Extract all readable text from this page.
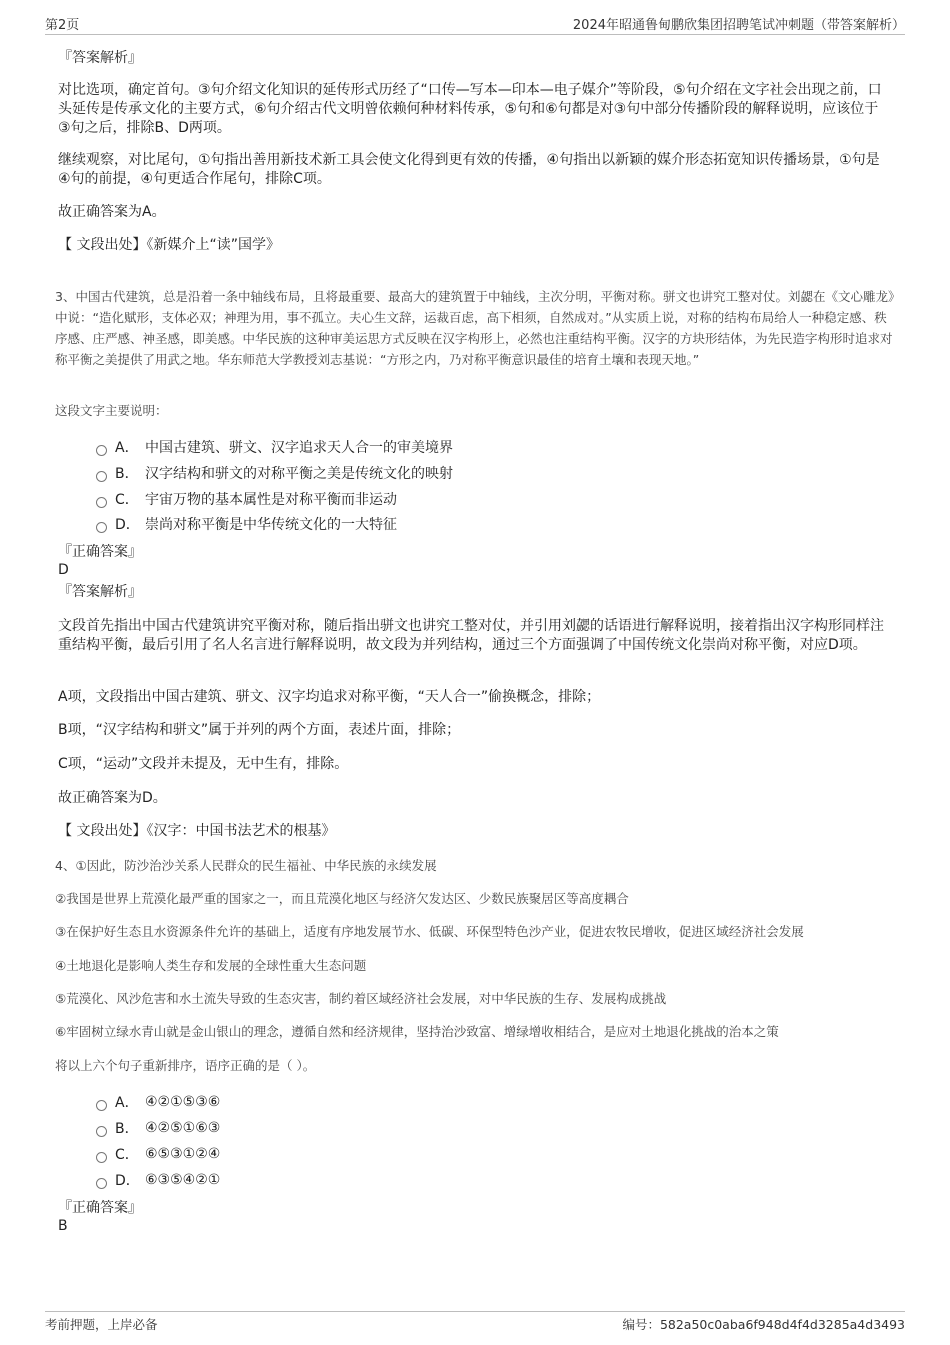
第2页	2024年昭通鲁甸鹏欣集团招聘笔试冲刺题（带答案解析）
『答案解析』
对比选项，确定首句。③句介绍文化知识的延传形式历经了“口传—写本—印本—电子媒介”等阶段，⑤句介绍在文字社会出现之前，口头延传是传承文化的主要方式，⑥句介绍古代文明曾依赖何种材料传承，⑤句和⑥句都是对③句中部分传播阶段的解释说明，应该位于③句之后，排除B、D两项。
继续观察，对比尾句，①句指出善用新技术新工具会使文化得到更有效的传播，④句指出以新颖的媒介形态拓宽知识传播场景，①句是④句的前提，④句更适合作尾句，排除C项。
故正确答案为A。
【 文段出处】《新媒介上“读”国学》
3、中国古代建筑，总是沿着一条中轴线布局，且将最重要、最高大的建筑置于中轴线，主次分明，平衡对称。骈文也讲究工整对仗。刘勰在《文心雕龙》中说：“造化赋形，支体必双；神理为用，事不孤立。夫心生文辞，运裁百虑，高下相须，自然成对。”从实质上说，对称的结构布局给人一种稳定感、秩序感、庄严感、神圣感，即美感。中华民族的这种审美运思方式反映在汉字构形上，必然也注重结构平衡。汉字的方块形结体，为先民造字构形时追求对称平衡之美提供了用武之地。华东师范大学教授刘志基说：“方形之内，乃对称平衡意识最佳的培育土壤和表现天地。”
这段文字主要说明：
A． 中国古建筑、骈文、汉字追求天人合一的审美境界
B． 汉字结构和骈文的对称平衡之美是传统文化的映射
C． 宇宙万物的基本属性是对称平衡而非运动
D． 崇尚对称平衡是中华传统文化的一大特征
『正确答案』
D
『答案解析』
文段首先指出中国古代建筑讲究平衡对称，随后指出骈文也讲究工整对仗，并引用刘勰的话语进行解释说明，接着指出汉字构形同样注重结构平衡，最后引用了名人名言进行解释说明，故文段为并列结构，通过三个方面强调了中国传统文化崇尚对称平衡，对应D项。
A项，文段指出中国古建筑、骈文、汉字均追求对称平衡，“天人合一”偷换概念，排除；
B项，“汉字结构和骈文”属于并列的两个方面，表述片面，排除；
C项，“运动”文段并未提及，无中生有，排除。
故正确答案为D。
【 文段出处】《汉字：中国书法艺术的根基》
4、①因此，防沙治沙关系人民群众的民生福祉、中华民族的永续发展
②我国是世界上荒漠化最严重的国家之一，而且荒漠化地区与经济欠发达区、少数民族聚居区等高度耦合
③在保护好生态且水资源条件允许的基础上，适度有序地发展节水、低碳、环保型特色沙产业，促进农牧民增收，促进区域经济社会发展
④土地退化是影响人类生存和发展的全球性重大生态问题
⑤荒漠化、风沙危害和水土流失导致的生态灾害，制约着区域经济社会发展，对中华民族的生存、发展构成挑战
⑥牢固树立绿水青山就是金山银山的理念，遵循自然和经济规律，坚持治沙致富、增绿增收相结合，是应对土地退化挑战的治本之策
将以上六个句子重新排序，语序正确的是（ ）。
A． ④②①⑤③⑥
B． ④②⑤①⑥③
C． ⑥⑤③①②④
D． ⑥③⑤④②①
『正确答案』
B
考前押题，上岸必备	编号：582a50c0aba6f948d4f4d3285a4d3493
